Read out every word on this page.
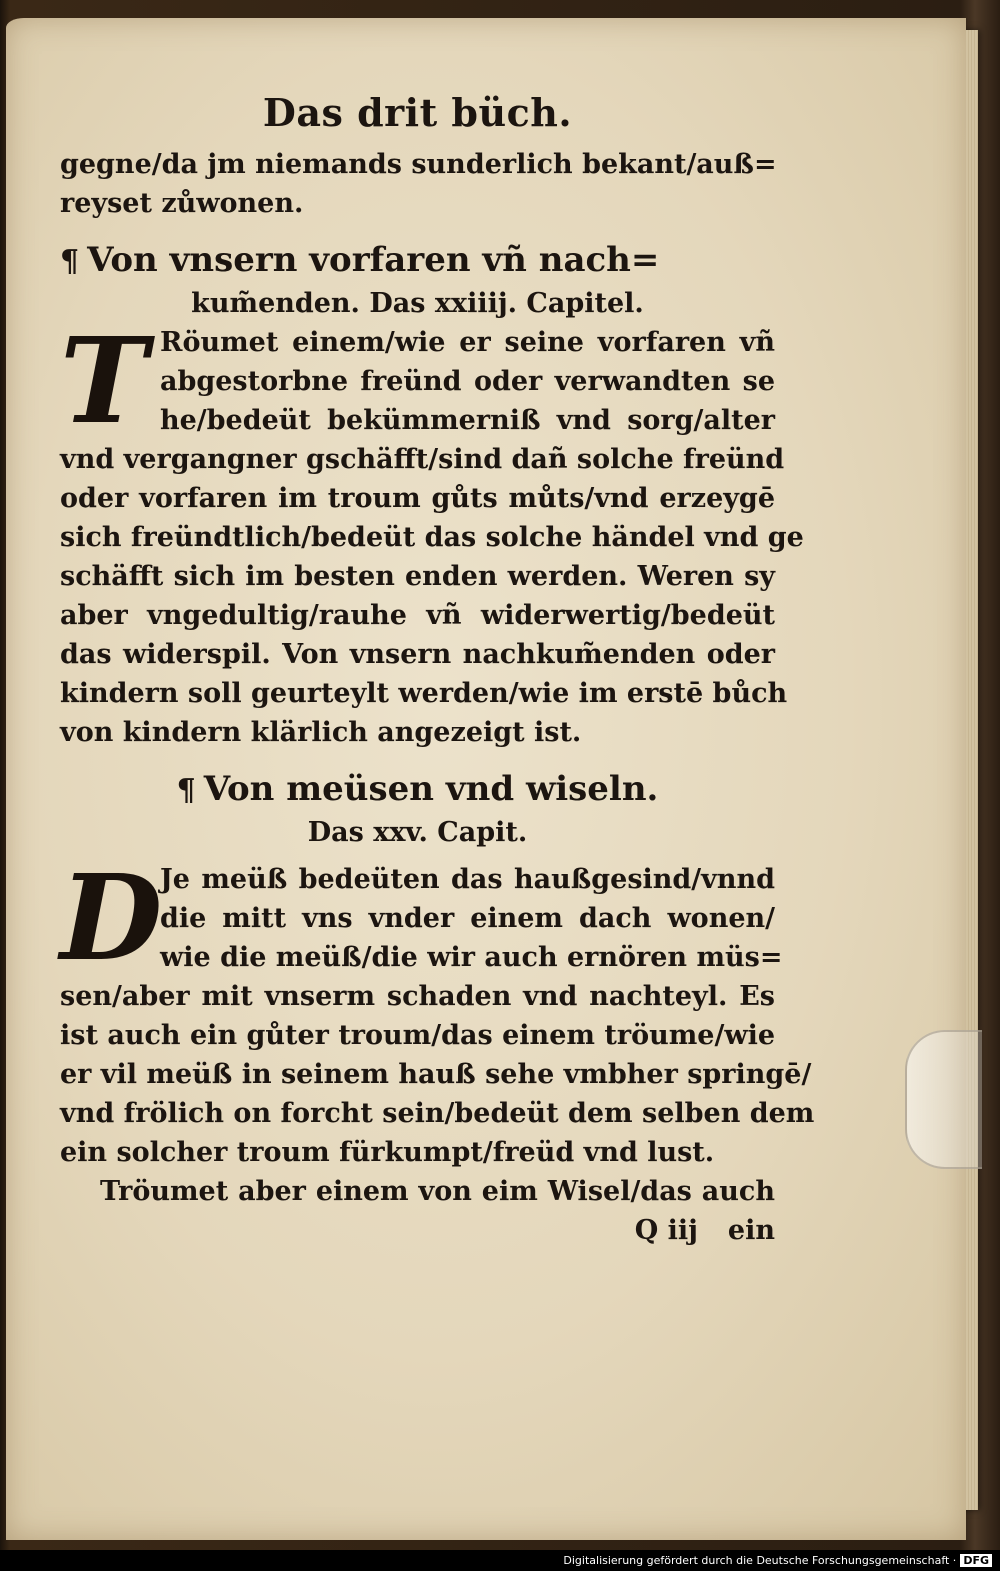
Das drit büch.
gegne/da jm niemands sunderlich bekant/auß=
reyset zůwonen.
¶ Von vnsern vorfaren vñ nach=
kum̃enden. Das xxiiij. Capitel.
T Röumet einem/wie er seine vorfaren vñ
abgestorbne freünd oder verwandten se
he/bedeüt bekümmerniß vnd sorg/alter
vnd vergangner gschäfft/sind dañ solche freünd
oder vorfaren im troum gůts můts/vnd erzeygē
sich freündtlich/bedeüt das solche händel vnd ge
schäfft sich im besten enden werden. Weren sy
aber vngedultig/rauhe vñ widerwertig/bedeüt
das widerspil. Von vnsern nachkum̃enden oder
kindern soll geurteylt werden/wie im erstē bůch
von kindern klärlich angezeigt ist.
¶ Von meüsen vnd wiseln.
Das xxv. Capit.
D
Je meüß bedeüten das haußgesind/vnnd
die mitt vns vnder einem dach wonen/
wie die meüß/die wir auch ernören müs=
sen/aber mit vnserm schaden vnd nachteyl. Es
ist auch ein gůter troum/das einem tröume/wie
er vil meüß in seinem hauß sehe vmbher springē/
vnd frölich on forcht sein/bedeüt dem selben dem
ein solcher troum fürkumpt/freüd vnd lust.
Tröumet aber einem von eim Wisel/das auch
Q iij ein
Digitalisierung gefördert durch die Deutsche Forschungsgemeinschaft · DFG
